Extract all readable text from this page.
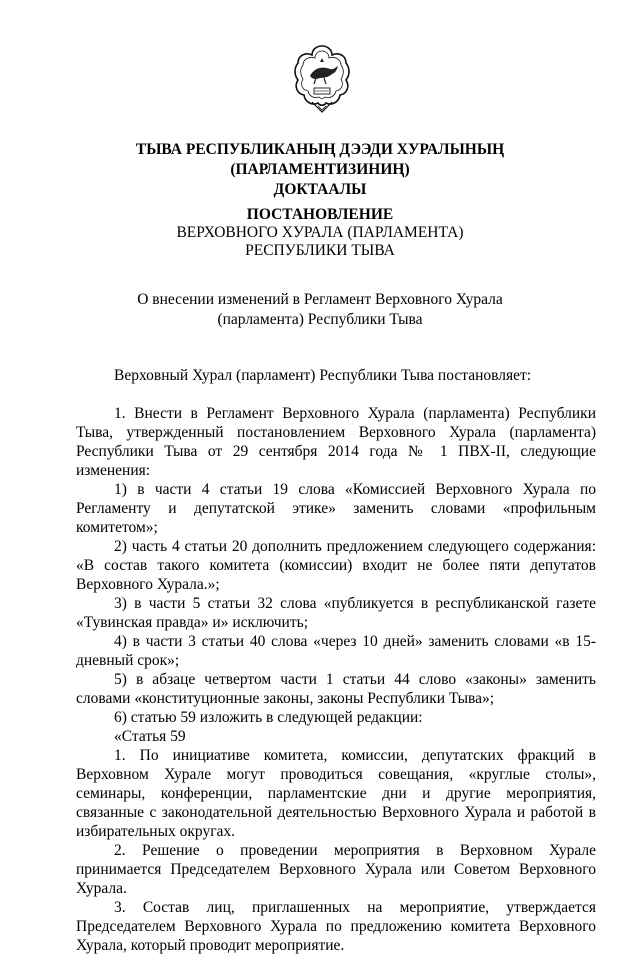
ТЫВА РЕСПУБЛИКАНЫҢ ДЭЭДИ ХУРАЛЫНЫҢ
(ПАРЛАМЕНТИЗИНИҢ)
ДОКТААЛЫ
ПОСТАНОВЛЕНИЕ
ВЕРХОВНОГО ХУРАЛА (ПАРЛАМЕНТА)
РЕСПУБЛИКИ ТЫВА
О внесении изменений в Регламент Верховного Хурала
(парламента) Республики Тыва

Верховный Хурал (парламент) Республики Тыва постановляет:

1. Внести в Регламент Верховного Хурала (парламента) Республики Тыва, утвержденный постановлением Верховного Хурала (парламента) Республики Тыва от 29 сентября 2014 года № 1 ПВХ-II, следующие изменения:

1) в части 4 статьи 19 слова «Комиссией Верховного Хурала по Регламенту и депутатской этике» заменить словами «профильным комитетом»;

2) часть 4 статьи 20 дополнить предложением следующего содержания: «В состав такого комитета (комиссии) входит не более пяти депутатов Верховного Хурала.»;

3) в части 5 статьи 32 слова «публикуется в республиканской газете «Тувинская правда» и» исключить;

4) в части 3 статьи 40 слова «через 10 дней» заменить словами «в 15-дневный срок»;

5) в абзаце четвертом части 1 статьи 44 слово «законы» заменить словами «конституционные законы, законы Республики Тыва»;

6) статью 59 изложить в следующей редакции:

«Статья 59

1. По инициативе комитета, комиссии, депутатских фракций в Верховном Хурале могут проводиться совещания, «круглые столы», семинары, конференции, парламентские дни и другие мероприятия, связанные с законодательной деятельностью Верховного Хурала и работой в избирательных округах.

2. Решение о проведении мероприятия в Верховном Хурале принимается Председателем Верховного Хурала или Советом Верховного Хурала.

3. Состав лиц, приглашенных на мероприятие, утверждается Председателем Верховного Хурала по предложению комитета Верховного Хурала, который проводит мероприятие.
